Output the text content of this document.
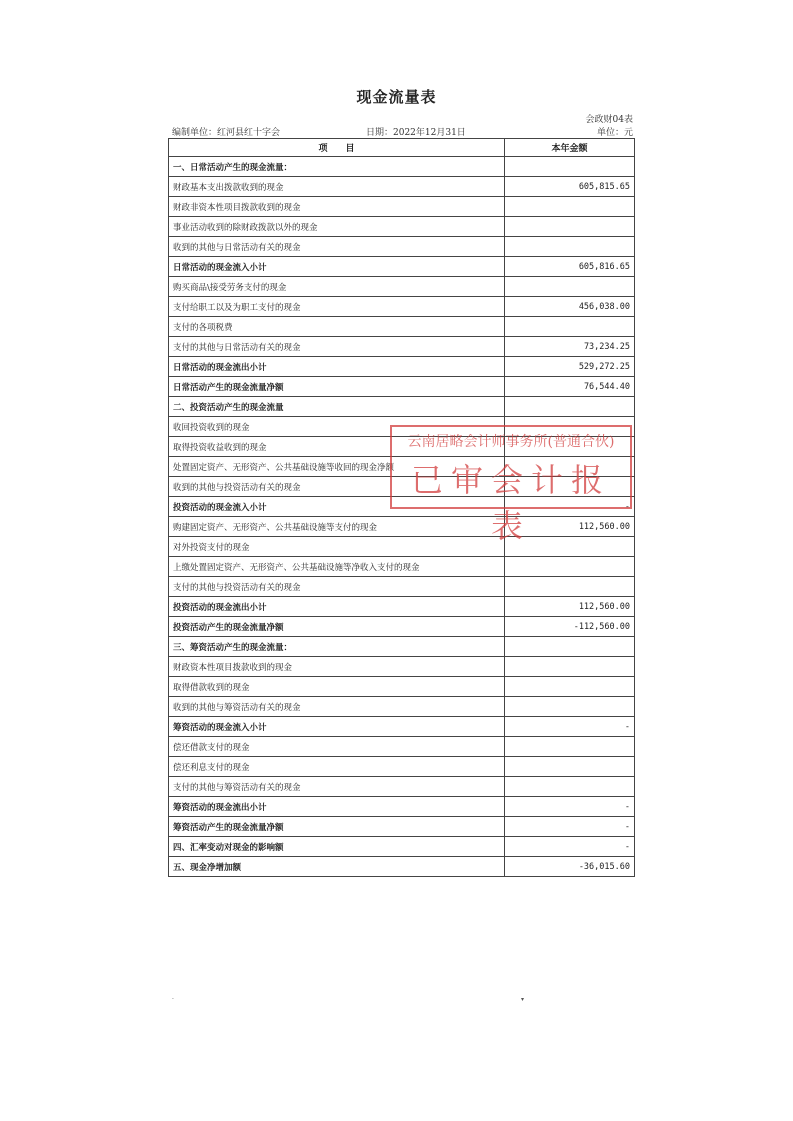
现金流量表
会政财04表
编制单位：红河县红十字会	日期：2022年12月31日	单位：元
项　　目	本年金额
一、日常活动产生的现金流量：	
财政基本支出拨款收到的现金	605,815.65
财政非资本性项目拨款收到的现金	
事业活动收到的除财政拨款以外的现金	
收到的其他与日常活动有关的现金	
日常活动的现金流入小计	605,816.65
购买商品\接受劳务支付的现金	
支付给职工以及为职工支付的现金	456,038.00
支付的各项税费	
支付的其他与日常活动有关的现金	73,234.25
日常活动的现金流出小计	529,272.25
日常活动产生的现金流量净额	76,544.40
二、投资活动产生的现金流量	
收回投资收到的现金	
取得投资收益收到的现金	
处置固定资产、无形资产、公共基础设施等收回的现金净额	
收到的其他与投资活动有关的现金	
投资活动的现金流入小计	-
购建固定资产、无形资产、公共基础设施等支付的现金	112,560.00
对外投资支付的现金	
上缴处置固定资产、无形资产、公共基础设施等净收入支付的现金	
支付的其他与投资活动有关的现金	
投资活动的现金流出小计	112,560.00
投资活动产生的现金流量净额	-112,560.00
三、筹资活动产生的现金流量：	
财政资本性项目拨款收到的现金	
取得借款收到的现金	
收到的其他与筹资活动有关的现金	
筹资活动的现金流入小计	-
偿还借款支付的现金	
偿还利息支付的现金	
支付的其他与筹资活动有关的现金	
筹资活动的现金流出小计	-
筹资活动产生的现金流量净额	-
四、汇率变动对现金的影响额	-
五、现金净增加额	-36,015.60
云南居略会计师事务所(普通合伙)
已审会计报表
·	▾
